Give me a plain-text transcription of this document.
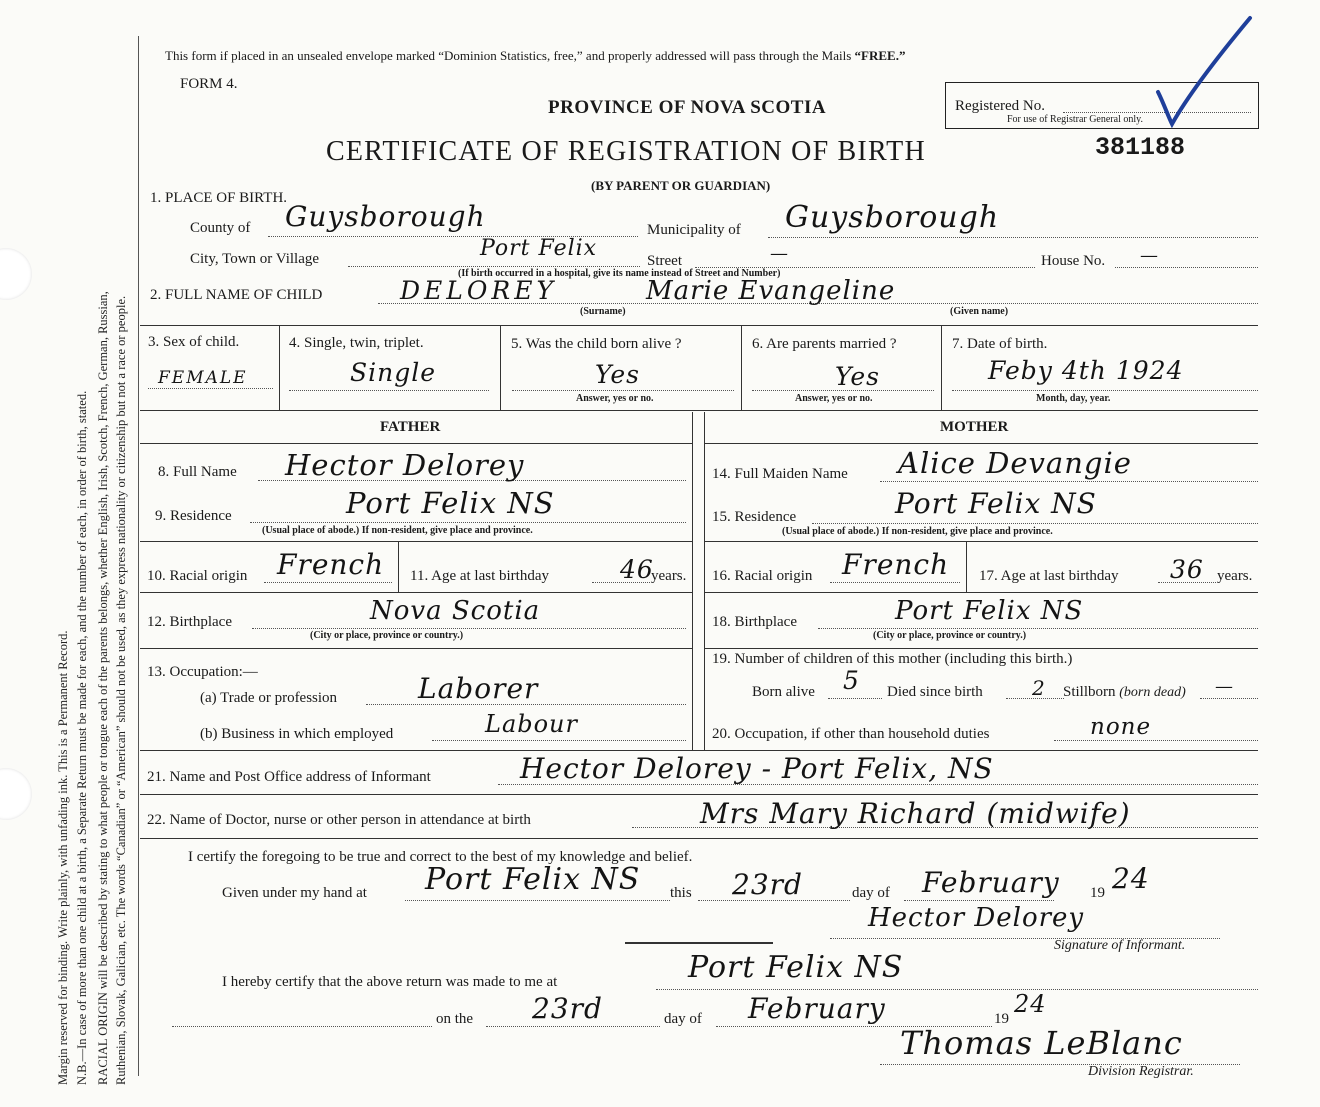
Margin reserved for binding. Write plainly, with unfading ink. This is a Permanent Record. N.B.—In case of more than one child at a birth, a Separate Return must be made for each, and the number of each, in order of birth, stated. RACIAL ORIGIN will be described by stating to what people or tongue each of the parents belongs, whether English, Irish, Scotch, French, German, Russian, Ruthenian, Slovak, Galician, etc. The words “Canadian” or “American” should not be used, as they express nationality or citizenship but not a race or people.
This form if placed in an unsealed envelope marked “Dominion Statistics, free,” and properly addressed will pass through the Mails “FREE.”
FORM 4.
PROVINCE OF NOVA SCOTIA	Registered No.
For use of Registrar General only.
CERTIFICATE OF REGISTRATION OF BIRTH	381188
(BY PARENT OR GUARDIAN)
1. PLACE OF BIRTH.
County of Guysborough	Municipality of Guysborough
City, Town or Village	Port Felix	Street	—	House No. —
(If birth occurred in a hospital, give its name instead of Street and Number)
2. FULL NAME OF CHILD	DELOREY	Marie Evangeline
(Surname)	(Given name)
3. Sex of child.
FEMALE
4. Single, twin, triplet.
Single
5. Was the child born alive ?
Yes
Answer, yes or no.
6. Are parents married ?
Yes
Answer, yes or no.
7. Date of birth.
Feby 4th 1924
Month, day, year.
FATHER	MOTHER
8. Full Name Hector Delorey
9. Residence	Port Felix NS
(Usual place of abode.) If non-resident, give place and province.
10. Racial origin French 11. Age at last birthday	46
years.
12. Birthplace	Nova Scotia
(City or place, province or country.)
13. Occupation:—
(a) Trade or profession	Laborer
(b) Business in which employed	Labour
14. Full Maiden Name Alice Devangie
15. Residence	Port Felix NS
(Usual place of abode.) If non-resident, give place and province.
16. Racial origin French 17. Age at last birthday 36 years.
18. Birthplace	Port Felix NS
(City or place, province or country.)
19. Number of children of this mother (including this birth.)
Born alive 5 Died since birth 2 Stillborn (born dead) —
20. Occupation, if other than household duties	none
21. Name and Post Office address of Informant	Hector Delorey - Port Felix, NS
22. Name of Doctor, nurse or other person in attendance at birth	Mrs Mary Richard (midwife)
I certify the foregoing to be true and correct to the best of my knowledge and belief.
Given under my hand at Port Felix NS this 23rd	day of February 19 24
Hector Delorey
Signature of Informant.
I hereby certify that the above return was made to me at	Port Felix NS
on the 23rd	day of February	19
24
Thomas LeBlanc
Division Registrar.
